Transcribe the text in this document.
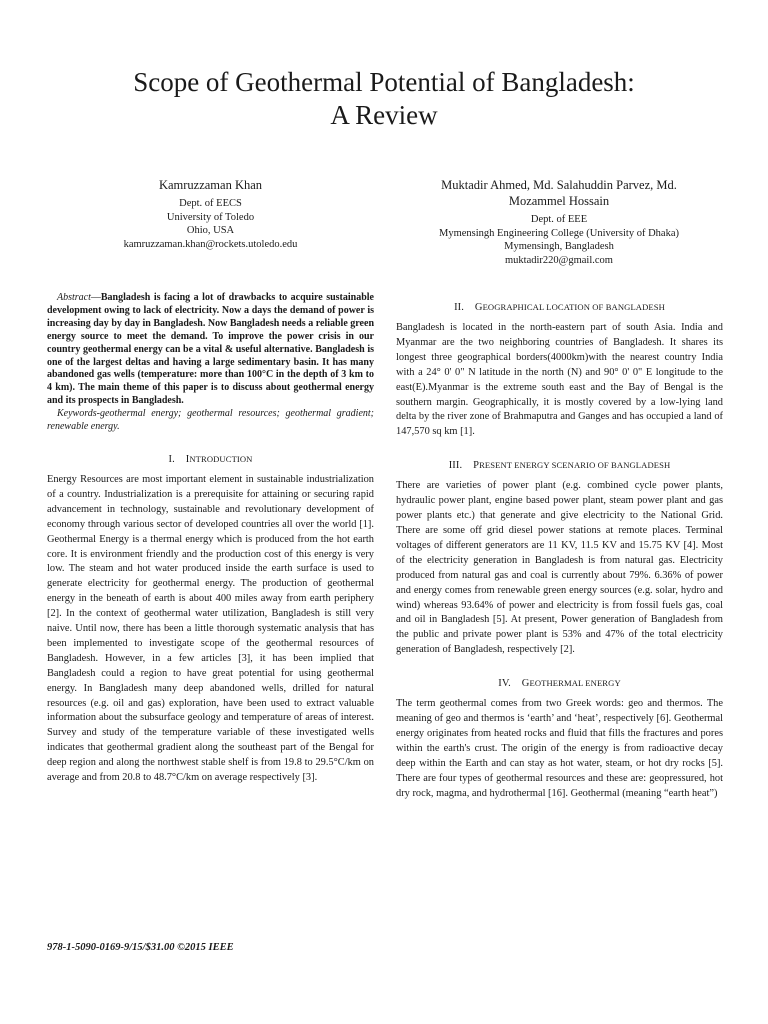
Scope of Geothermal Potential of Bangladesh:
A Review
Kamruzzaman Khan
Dept. of EECS
University of Toledo
Ohio, USA
kamruzzaman.khan@rockets.utoledo.edu
Muktadir Ahmed, Md. Salahuddin Parvez, Md.
Mozammel Hossain
Dept. of EEE
Mymensingh Engineering College (University of Dhaka)
Mymensingh, Bangladesh
muktadir220@gmail.com

Abstract—Bangladesh is facing a lot of drawbacks to acquire sustainable development owing to lack of electricity. Now a days the demand of power is increasing day by day in Bangladesh. Now Bangladesh needs a reliable green energy source to meet the demand. To improve the power crisis in our country geothermal energy can be a vital & useful alternative. Bangladesh is one of the largest deltas and having a large sedimentary basin. It has many abandoned gas wells (temperature: more than 100°C in the depth of 3 km to 4 km). The main theme of this paper is to discuss about geothermal energy and its prospects in Bangladesh.

Keywords-geothermal energy; geothermal resources; geothermal gradient; renewable energy.

I. INTRODUCTION

Energy Resources are most important element in sustainable industrialization of a country. Industrialization is a prerequisite for attaining or securing rapid advancement in technology, sustainable and revolutionary development of economy through various sector of developed countries all over the world [1]. Geothermal Energy is a thermal energy which is produced from the hot earth core. It is environment friendly and the production cost of this energy is very low. The steam and hot water produced inside the earth surface is used to generate electricity for geothermal energy. The production of geothermal energy in the beneath of earth is about 400 miles away from earth periphery [2]. In the context of geothermal water utilization, Bangladesh is still very naive. Until now, there has been a little thorough systematic analysis that has been implemented to investigate scope of the geothermal resources of Bangladesh. However, in a few articles [3], it has been implied that Bangladesh could a region to have great potential for using geothermal energy. In Bangladesh many deep abandoned wells, drilled for natural resources (e.g. oil and gas) exploration, have been used to extract valuable information about the subsurface geology and temperature of areas of interest. Survey and study of the temperature variable of these investigated wells indicates that geothermal gradient along the southeast part of the Bengal for deep region and along the northwest stable shelf is from 19.8 to 29.5°C/km on average and from 20.8 to 48.7°C/km on average respectively [3].

II. GEOGRAPHICAL LOCATION OF BANGLADESH

Bangladesh is located in the north-eastern part of south Asia. India and Myanmar are the two neighboring countries of Bangladesh. It shares its longest three geographical borders(4000km)with the nearest country India with a 24° 0' 0" N latitude in the north (N) and 90° 0' 0" E longitude to the east(E).Myanmar is the extreme south east and the Bay of Bengal is the southern margin. Geographically, it is mostly covered by a low-lying land delta by the river zone of Brahmaputra and Ganges and has occupied a land of 147,570 sq km [1].

III. PRESENT ENERGY SCENARIO OF BANGLADESH

There are varieties of power plant (e.g. combined cycle power plants, hydraulic power plant, engine based power plant, steam power plant and gas power plants etc.) that generate and give electricity to the National Grid. There are some off grid diesel power stations at remote places. Terminal voltages of different generators are 11 KV, 11.5 KV and 15.75 KV [4]. Most of the electricity generation in Bangladesh is from natural gas. Electricity produced from natural gas and coal is currently about 79%. 6.36% of power and energy comes from renewable green energy sources (e.g. solar, hydro and wind) whereas 93.64% of power and electricity is from fossil fuels gas, coal and oil in Bangladesh [5]. At present, Power generation of Bangladesh from the public and private power plant is 53% and 47% of the total electricity generation of Bangladesh, respectively [2].

IV. GEOTHERMAL ENERGY

The term geothermal comes from two Greek words: geo and thermos. The meaning of geo and thermos is ‘earth’ and ‘heat’, respectively [6]. Geothermal energy originates from heated rocks and fluid that fills the fractures and pores within the earth's crust. The origin of the energy is from radioactive decay deep within the Earth and can stay as hot water, steam, or hot dry rocks [5]. There are four types of geothermal resources and these are: geopressured, hot dry rock, magma, and hydrothermal [16]. Geothermal (meaning “earth heat”)

978-1-5090-0169-9/15/$31.00 ©2015 IEEE
